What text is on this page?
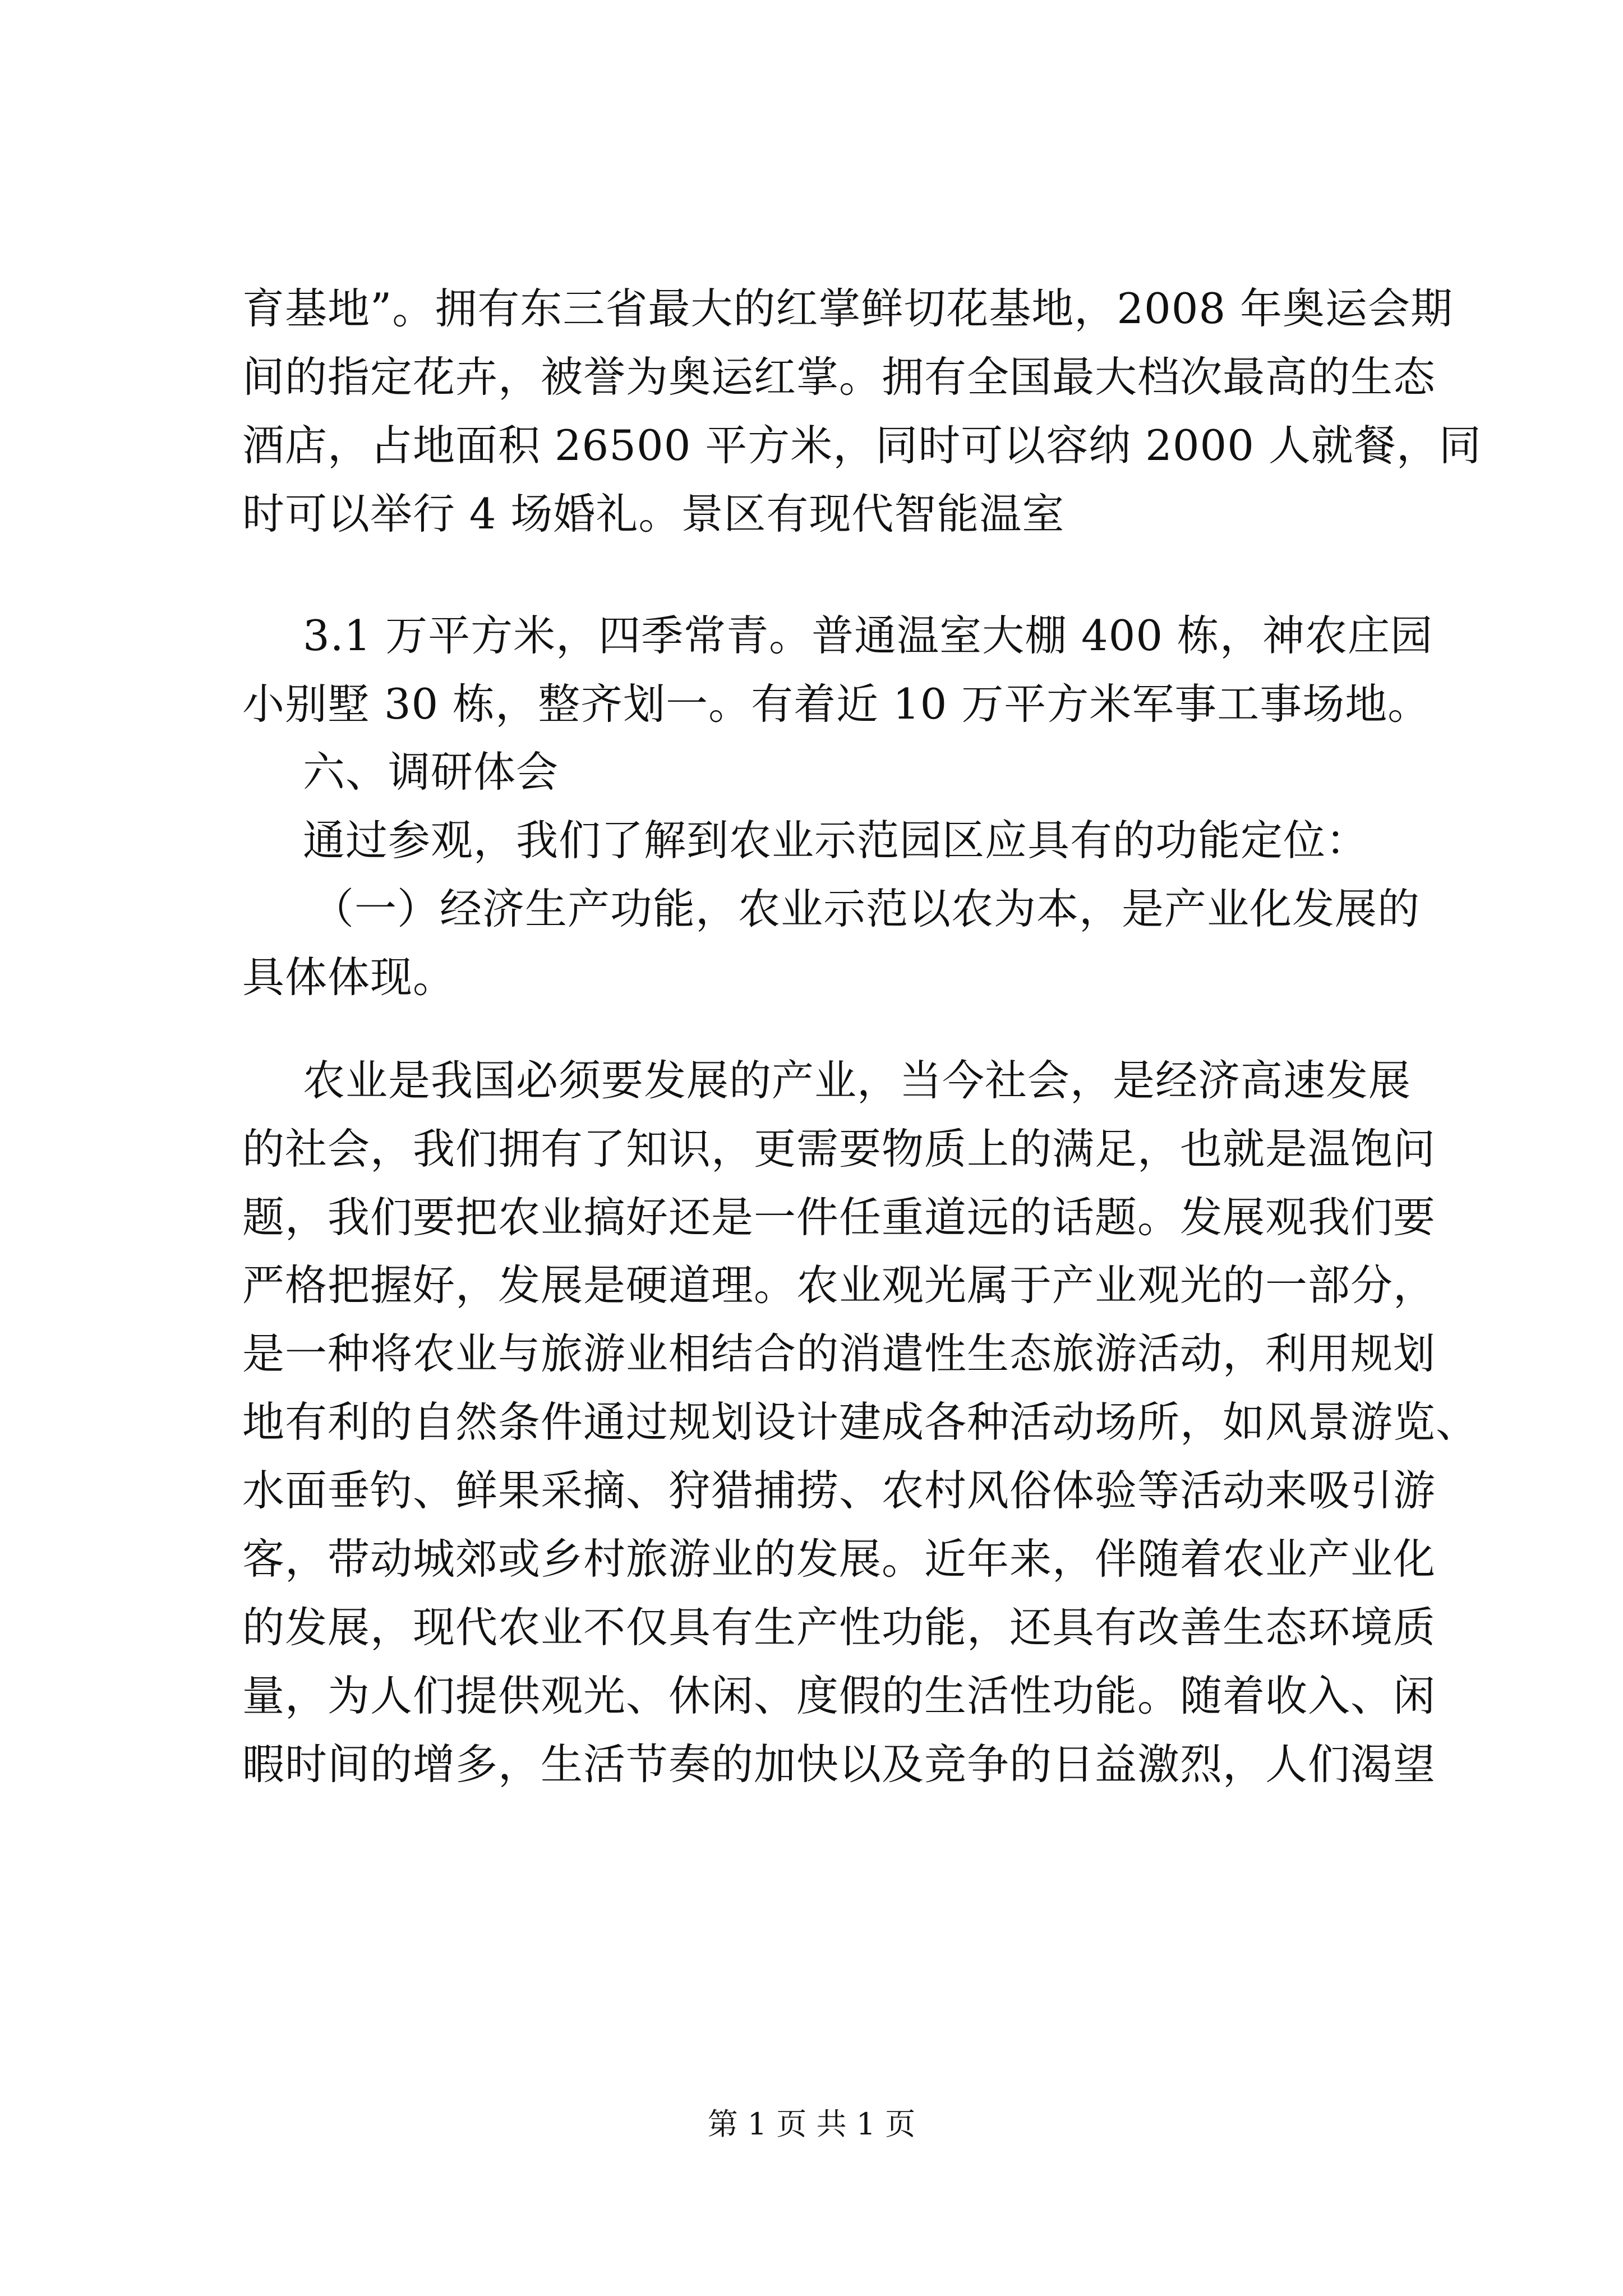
育基地”。拥有东三省最大的红掌鲜切花基地，2008 年奥运会期
间的指定花卉，被誉为奥运红掌。拥有全国最大档次最高的生态
酒店，占地面积 26500 平方米，同时可以容纳 2000 人就餐，同
时可以举行 4 场婚礼。景区有现代智能温室
3.1 万平方米，四季常青。普通温室大棚 400 栋，神农庄园
小别墅 30 栋，整齐划一。有着近 10 万平方米军事工事场地。
六、调研体会
通过参观，我们了解到农业示范园区应具有的功能定位：
（一）经济生产功能，农业示范以农为本，是产业化发展的
具体体现。
农业是我国必须要发展的产业，当今社会，是经济高速发展
的社会，我们拥有了知识，更需要物质上的满足，也就是温饱问
题，我们要把农业搞好还是一件任重道远的话题。发展观我们要
严格把握好，发展是硬道理。农业观光属于产业观光的一部分，
是一种将农业与旅游业相结合的消遣性生态旅游活动，利用规划
地有利的自然条件通过规划设计建成各种活动场所，如风景游览、
水面垂钓、鲜果采摘、狩猎捕捞、农村风俗体验等活动来吸引游
客，带动城郊或乡村旅游业的发展。近年来，伴随着农业产业化
的发展，现代农业不仅具有生产性功能，还具有改善生态环境质
量，为人们提供观光、休闲、度假的生活性功能。随着收入、闲
暇时间的增多，生活节奏的加快以及竞争的日益激烈，人们渴望
第 1 页 共 1 页
